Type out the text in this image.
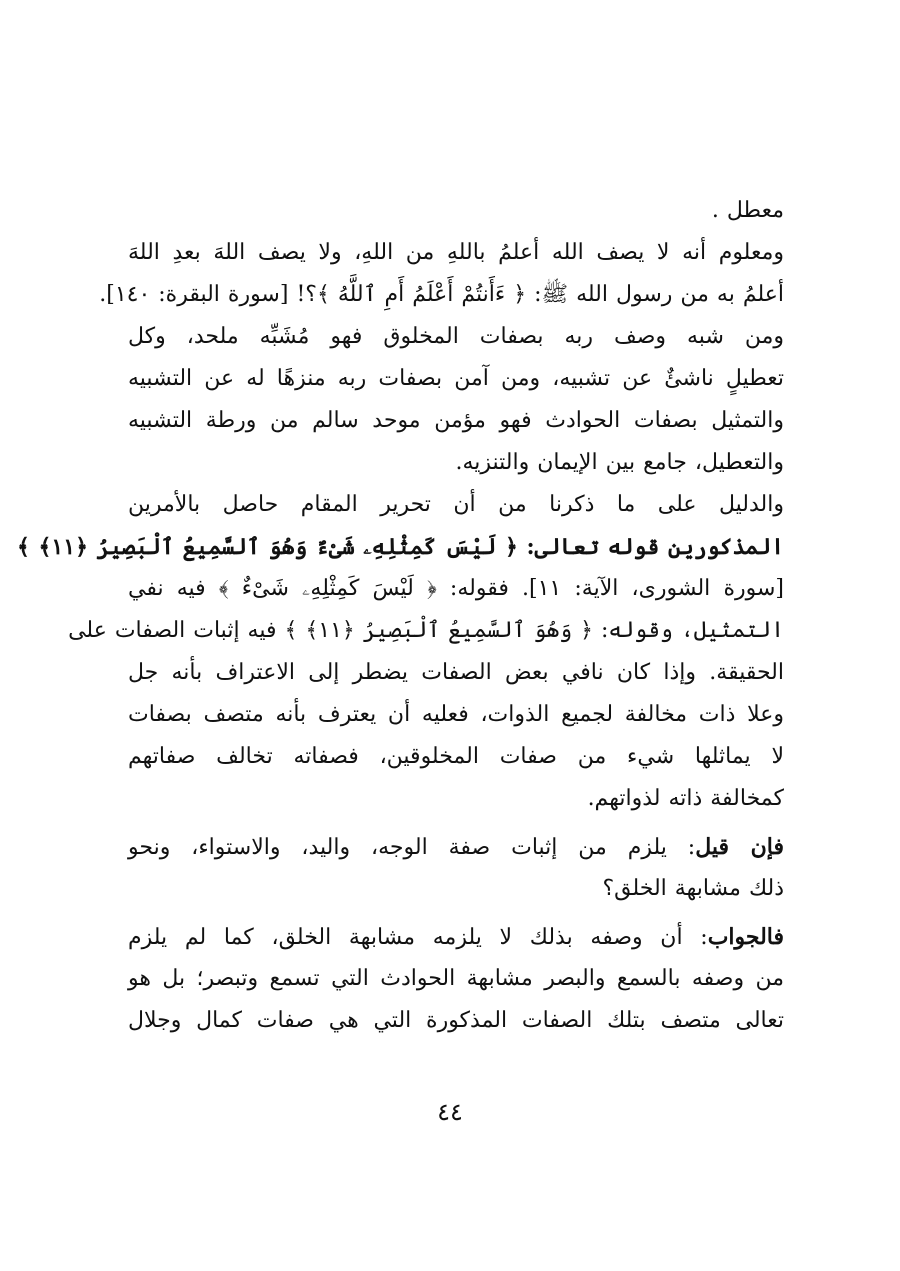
معطل .
ومعلوم أنه لا يصف الله أعلمُ باللهِ من اللهِ، ولا يصف اللهَ بعدِ اللهَ
أعلمُ به من رسول الله ﷺ: ﴿ ءَأَنتُمْ أَعْلَمُ أَمِ ٱللَّهُ ﴾؟! [سورة البقرة: ١٤٠].
ومن شبه وصف ربه بصفات المخلوق فهو مُشَبِّه ملحد، وكل
تعطيلٍ ناشئٌ عن تشبيه، ومن آمن بصفات ربه منزهًا له عن التشبيه
والتمثيل بصفات الحوادث فهو مؤمن موحد سالم من ورطة التشبيه
والتعطيل، جامع بين الإيمان والتنزيه.
والدليل على ما ذكرنا من أن تحرير المقام حاصل بالأمرين
المذكورين قوله تعالى: ﴿ لَيْسَ كَمِثْلِهِۦ شَىْءٌ وَهُوَ ٱلسَّمِيعُ ٱلْبَصِيرُ ﴿١١﴾ ﴾
[سورة الشورى، الآية: ١١]. فقوله: ﴿ لَيْسَ كَمِثْلِهِۦ شَىْءٌ ﴾ فيه نفي
التمثيل، وقوله: ﴿ وَهُوَ ٱلسَّمِيعُ ٱلْبَصِيرُ ﴿١١﴾ ﴾ فيه إثبات الصفات على
الحقيقة. وإذا كان نافي بعض الصفات يضطر إلى الاعتراف بأنه جل
وعلا ذات مخالفة لجميع الذوات، فعليه أن يعترف بأنه متصف بصفات
لا يماثلها شيء من صفات المخلوقين، فصفاته تخالف صفاتهم
كمخالفة ذاته لذواتهم.
فإن قيل: يلزم من إثبات صفة الوجه، واليد، والاستواء، ونحو
ذلك مشابهة الخلق؟
فالجواب: أن وصفه بذلك لا يلزمه مشابهة الخلق، كما لم يلزم
من وصفه بالسمع والبصر مشابهة الحوادث التي تسمع وتبصر؛ بل هو
تعالى متصف بتلك الصفات المذكورة التي هي صفات كمال وجلال
٤٤
